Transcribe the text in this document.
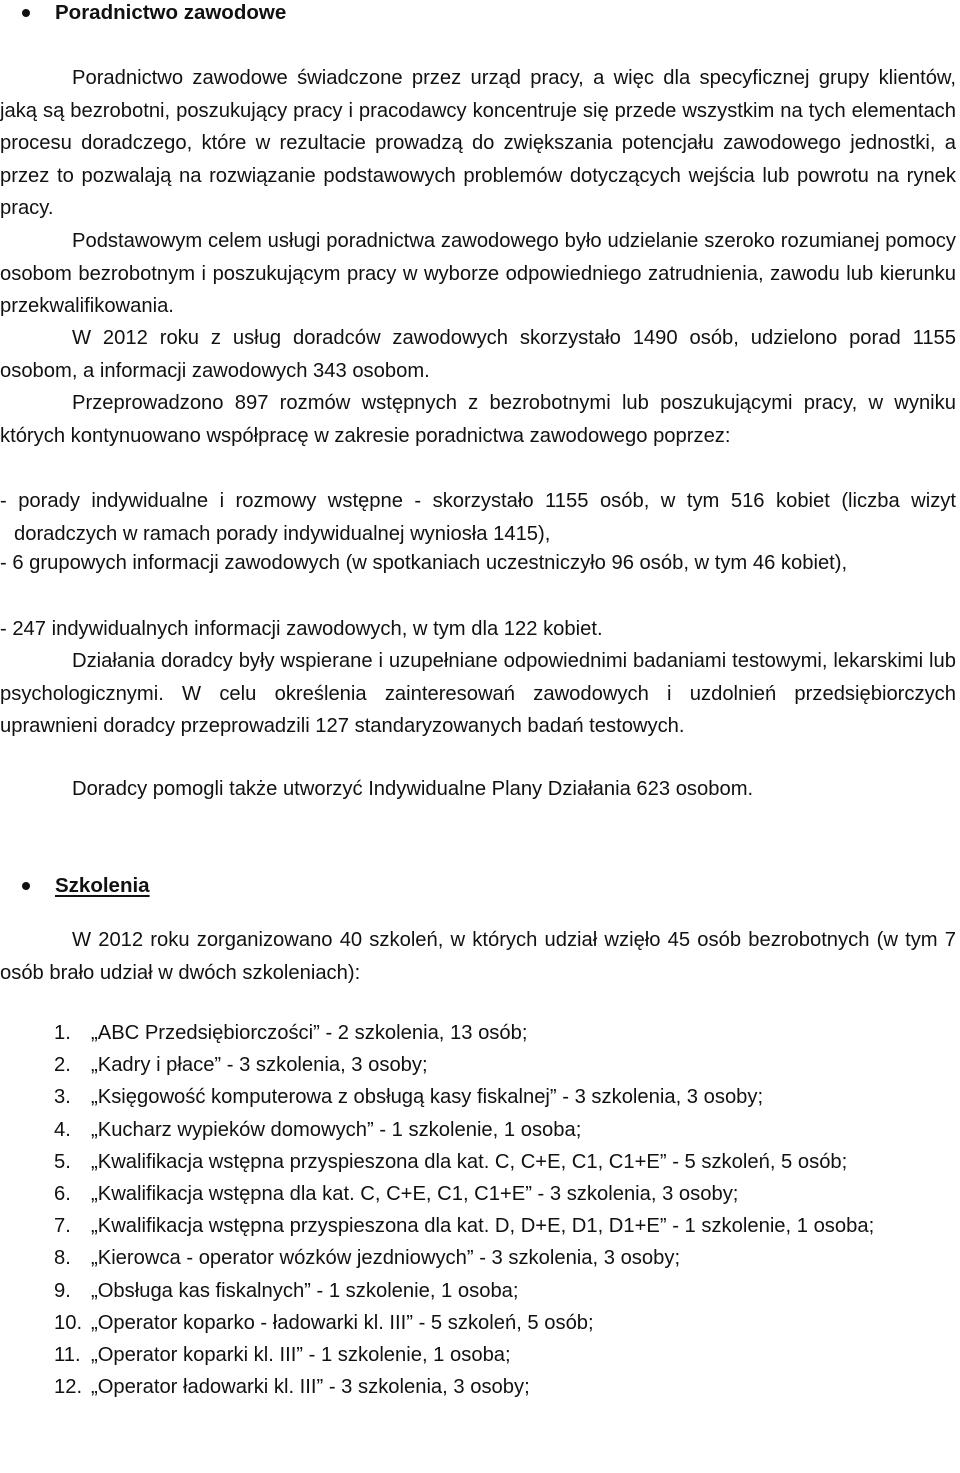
Poradnictwo zawodowe

Poradnictwo zawodowe świadczone przez urząd pracy, a więc dla specyficznej grupy klientów, jaką są bezrobotni, poszukujący pracy i pracodawcy koncentruje się przede wszystkim na tych elementach procesu doradczego, które w rezultacie prowadzą do zwiększania potencjału zawodowego jednostki, a przez to pozwalają na rozwiązanie podstawowych problemów dotyczących wejścia lub powrotu na rynek pracy.

Podstawowym celem usługi poradnictwa zawodowego było udzielanie szeroko rozumianej pomocy osobom bezrobotnym i poszukującym pracy w wyborze odpowiedniego zatrudnienia, zawodu lub kierunku przekwalifikowania.

W 2012 roku z usług doradców zawodowych skorzystało 1490 osób, udzielono porad 1155 osobom, a informacji zawodowych 343 osobom.

Przeprowadzono 897 rozmów wstępnych z bezrobotnymi lub poszukującymi pracy, w wyniku których kontynuowano współpracę w zakresie poradnictwa zawodowego poprzez:

- porady indywidualne i rozmowy wstępne - skorzystało 1155 osób, w tym 516 kobiet (liczba wizyt doradczych w ramach porady indywidualnej wyniosła 1415),

- 6 grupowych informacji zawodowych (w spotkaniach uczestniczyło 96 osób, w tym 46 kobiet),

- 247 indywidualnych informacji zawodowych, w tym dla 122 kobiet.

Działania doradcy były wspierane i uzupełniane odpowiednimi badaniami testowymi, lekarskimi lub psychologicznymi. W celu określenia zainteresowań zawodowych i uzdolnień przedsiębiorczych uprawnieni doradcy przeprowadzili 127 standaryzowanych badań testowych.

Doradcy pomogli także utworzyć Indywidualne Plany Działania 623 osobom.

Szkolenia

W 2012 roku zorganizowano 40 szkoleń, w których udział wzięło 45 osób bezrobotnych (w tym 7 osób brało udział w dwóch szkoleniach):

1. „ABC Przedsiębiorczości” - 2 szkolenia, 13 osób;
2. „Kadry i płace” - 3 szkolenia, 3 osoby;
3. „Księgowość komputerowa z obsługą kasy fiskalnej” - 3 szkolenia, 3 osoby;
4. „Kucharz wypieków domowych” - 1 szkolenie, 1 osoba;
5. „Kwalifikacja wstępna przyspieszona dla kat. C, C+E, C1, C1+E” - 5 szkoleń, 5 osób;
6. „Kwalifikacja wstępna dla kat. C, C+E, C1, C1+E” - 3 szkolenia, 3 osoby;
7. „Kwalifikacja wstępna przyspieszona dla kat. D, D+E, D1, D1+E” - 1 szkolenie, 1 osoba;
8. „Kierowca - operator wózków jezdniowych” - 3 szkolenia, 3 osoby;
9. „Obsługa kas fiskalnych” - 1 szkolenie, 1 osoba;
10. „Operator koparko - ładowarki kl. III” - 5 szkoleń, 5 osób;
11. „Operator koparki kl. III” - 1 szkolenie, 1 osoba;
12. „Operator ładowarki kl. III” - 3 szkolenia, 3 osoby;
